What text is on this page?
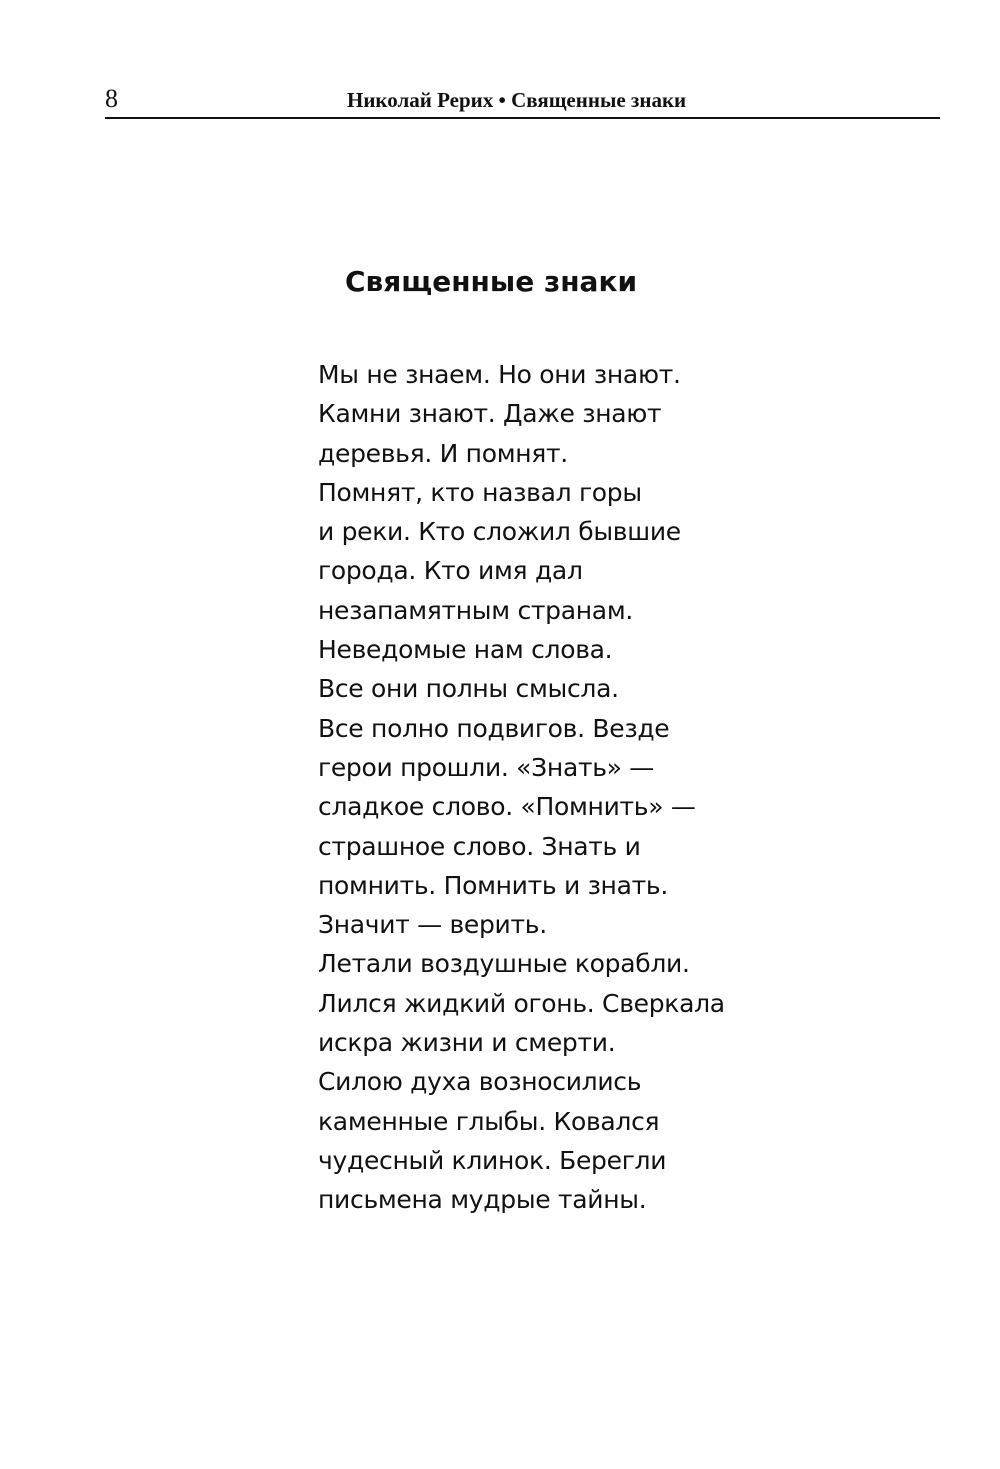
8	Николай Рерих • Священные знаки
Священные знаки
Мы не знаем. Но они знают.
Камни знают. Даже знают
деревья. И помнят.
Помнят, кто назвал горы
и реки. Кто сложил бывшие
города. Кто имя дал
незапамятным странам.
Неведомые нам слова.
Все они полны смысла.
Все полно подвигов. Везде
герои прошли. «Знать» —
сладкое слово. «Помнить» —
страшное слово. Знать и
помнить. Помнить и знать.
Значит — верить.
Летали воздушные корабли.
Лился жидкий огонь. Сверкала
искра жизни и смерти.
Силою духа возносились
каменные глыбы. Ковался
чудесный клинок. Берегли
письмена мудрые тайны.
